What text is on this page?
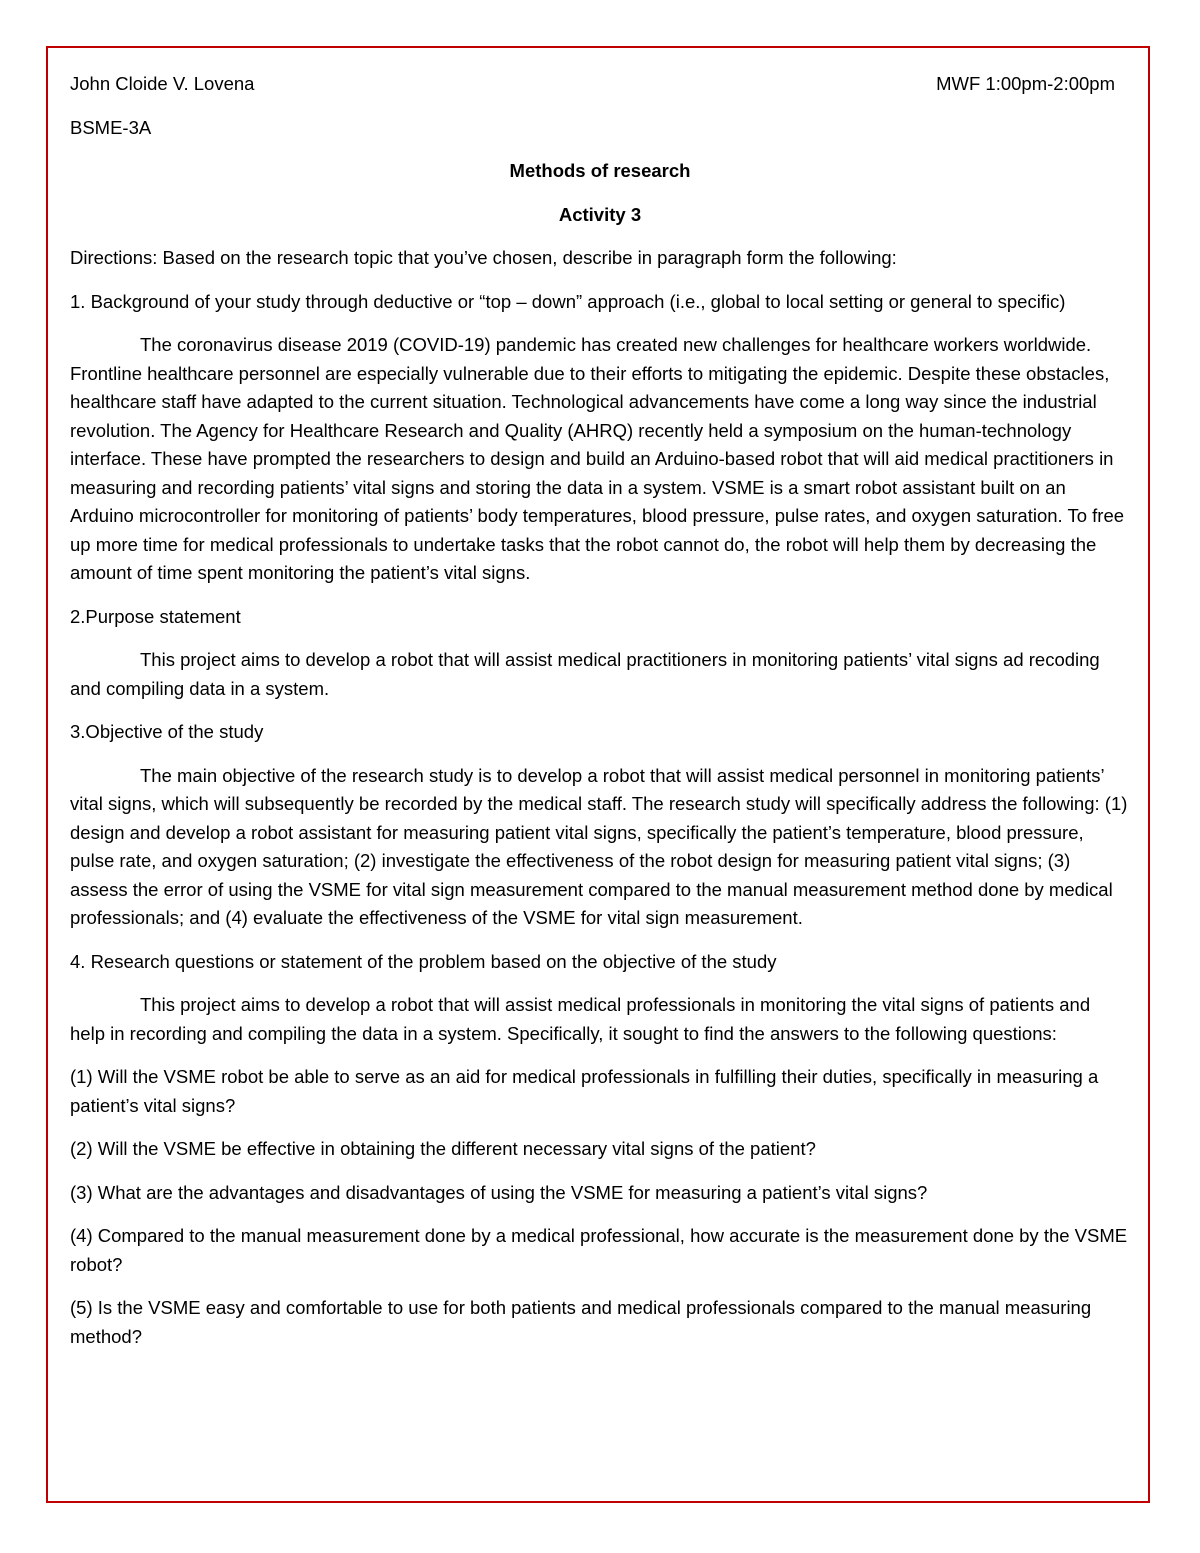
John Cloide V. Lovena	MWF 1:00pm-2:00pm

BSME-3A

Methods of research

Activity 3

Directions: Based on the research topic that you’ve chosen, describe in paragraph form the following:

1. Background of your study through deductive or “top – down” approach (i.e., global to local setting or general to specific)

The coronavirus disease 2019 (COVID-19) pandemic has created new challenges for healthcare workers worldwide. Frontline healthcare personnel are especially vulnerable due to their efforts to mitigating the epidemic. Despite these obstacles, healthcare staff have adapted to the current situation. Technological advancements have come a long way since the industrial revolution. The Agency for Healthcare Research and Quality (AHRQ) recently held a symposium on the human-technology interface. These have prompted the researchers to design and build an Arduino-based robot that will aid medical practitioners in measuring and recording patients’ vital signs and storing the data in a system. VSME is a smart robot assistant built on an Arduino microcontroller for monitoring of patients’ body temperatures, blood pressure, pulse rates, and oxygen saturation. To free up more time for medical professionals to undertake tasks that the robot cannot do, the robot will help them by decreasing the amount of time spent monitoring the patient’s vital signs.

2.Purpose statement

This project aims to develop a robot that will assist medical practitioners in monitoring patients’ vital signs ad recoding and compiling data in a system.

3.Objective of the study

The main objective of the research study is to develop a robot that will assist medical personnel in monitoring patients’ vital signs, which will subsequently be recorded by the medical staff. The research study will specifically address the following: (1) design and develop a robot assistant for measuring patient vital signs, specifically the patient’s temperature, blood pressure, pulse rate, and oxygen saturation; (2) investigate the effectiveness of the robot design for measuring patient vital signs; (3) assess the error of using the VSME for vital sign measurement compared to the manual measurement method done by medical professionals; and (4) evaluate the effectiveness of the VSME for vital sign measurement.

4. Research questions or statement of the problem based on the objective of the study

This project aims to develop a robot that will assist medical professionals in monitoring the vital signs of patients and help in recording and compiling the data in a system. Specifically, it sought to find the answers to the following questions:

(1) Will the VSME robot be able to serve as an aid for medical professionals in fulfilling their duties, specifically in measuring a patient’s vital signs?

(2) Will the VSME be effective in obtaining the different necessary vital signs of the patient?

(3) What are the advantages and disadvantages of using the VSME for measuring a patient’s vital signs?

(4) Compared to the manual measurement done by a medical professional, how accurate is the measurement done by the VSME robot?

(5) Is the VSME easy and comfortable to use for both patients and medical professionals compared to the manual measuring method?
